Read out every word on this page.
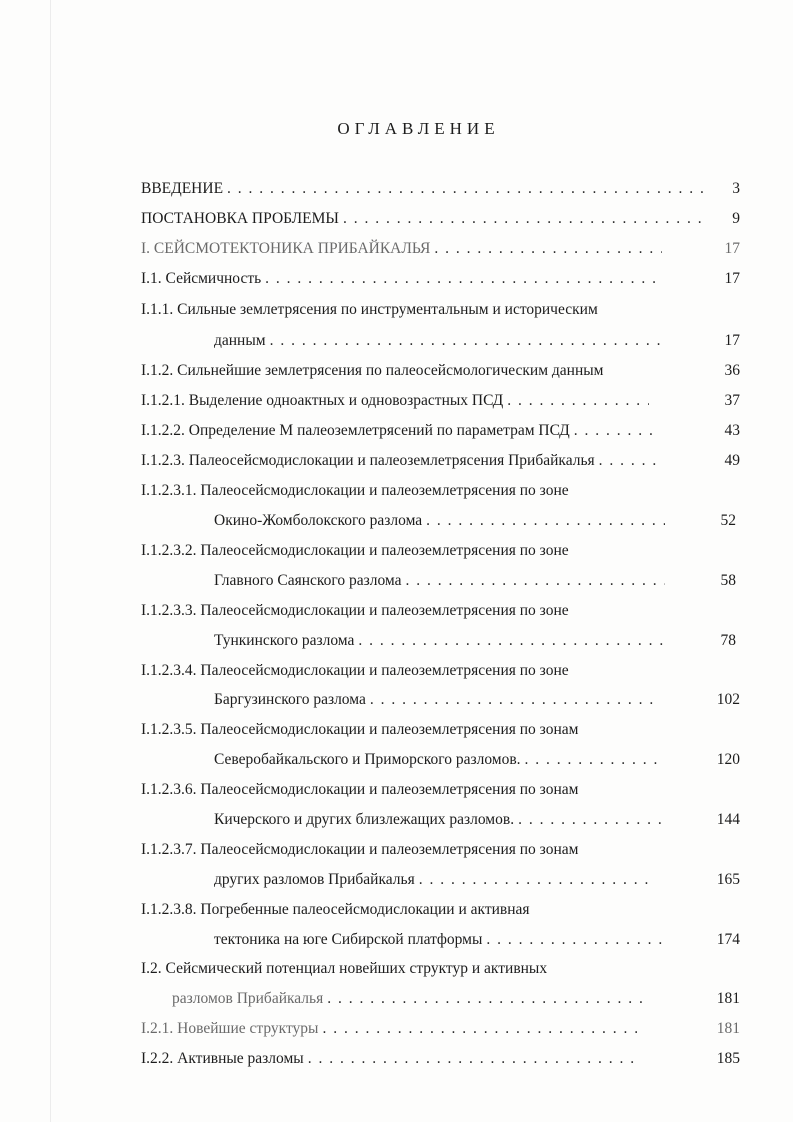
ОГЛАВЛЕНИЕ
ВВЕДЕНИЕ . . .	3
ПОСТАНОВКА ПРОБЛЕМЫ . . .	9
I. СЕЙСМОТЕКТОНИКА ПРИБАЙКАЛЬЯ . . .	17
I.1. Сейсмичность . . .	17
I.1.1. Сильные землетрясения по инструментальным и историческим
данным . . .	17
I.1.2. Сильнейшие землетрясения по палеосейсмологическим данным	36
I.1.2.1. Выделение одноактных и одновозрастных ПСД . . .	37
I.1.2.2. Определение М палеоземлетрясений по параметрам ПСД . . .	43
I.1.2.3. Палеосейсмодислокации и палеоземлетрясения Прибайкалья . . .	49
I.1.2.3.1. Палеосейсмодислокации и палеоземлетрясения по зоне
Окино-Жомболокского разлома . . .	52
I.1.2.3.2. Палеосейсмодислокации и палеоземлетрясения по зоне
Главного Саянского разлома . . .	58
I.1.2.3.3. Палеосейсмодислокации и палеоземлетрясения по зоне
Тункинского разлома . . .	78
I.1.2.3.4. Палеосейсмодислокации и палеоземлетрясения по зоне
Баргузинского разлома . . .	102
I.1.2.3.5. Палеосейсмодислокации и палеоземлетрясения по зонам
Северобайкальского и Приморского разломов. . . .	120
I.1.2.3.6. Палеосейсмодислокации и палеоземлетрясения по зонам
Кичерского и других близлежащих разломов. . . .	144
I.1.2.3.7. Палеосейсмодислокации и палеоземлетрясения по зонам
других разломов Прибайкалья . . .	165
I.1.2.3.8. Погребенные палеосейсмодислокации и активная
тектоника на юге Сибирской платформы . . .	174
I.2. Сейсмический потенциал новейших структур и активных
разломов Прибайкалья . . .	181
I.2.1. Новейшие структуры . . .	181
I.2.2. Активные разломы . . .	185
